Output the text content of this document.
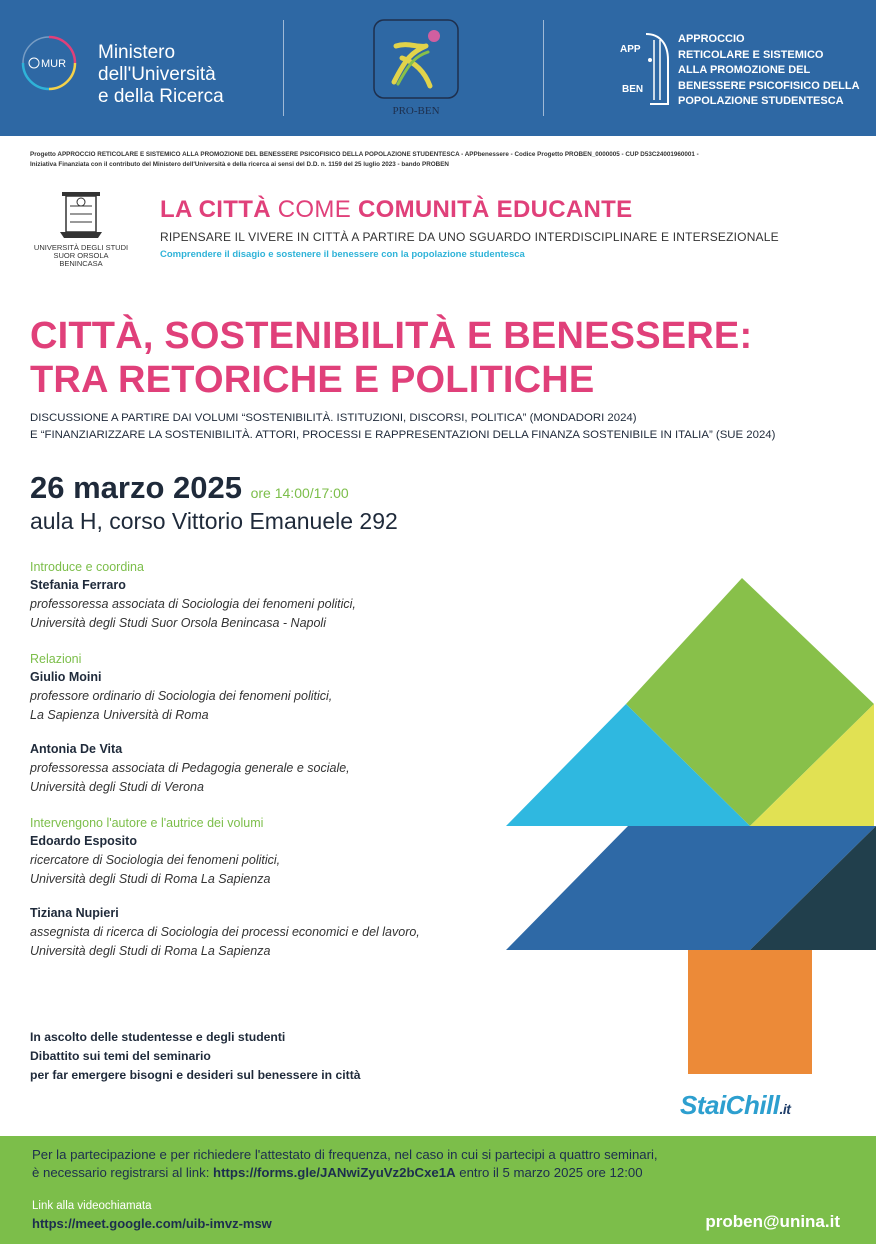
MUR
Ministero
dell'Università
e della Ricerca
PRO-BEN
APP
BEN
APPROCCIO
RETICOLARE E SISTEMICO
ALLA PROMOZIONE DEL
BENESSERE PSICOFISICO DELLA
POPOLAZIONE STUDENTESCA
Progetto APPROCCIO RETICOLARE E SISTEMICO ALLA PROMOZIONE DEL BENESSERE PSICOFISICO DELLA POPOLAZIONE STUDENTESCA - APPbenessere - Codice Progetto PROBEN_0000005 - CUP D53C24001960001 -
Iniziativa Finanziata con il contributo del Ministero dell'Università e della ricerca ai sensi del D.D. n. 1159 del 25 luglio 2023 - bando PROBEN
UNIVERSITÀ DEGLI STUDI
SUOR ORSOLA
BENINCASA
LA CITTÀ COME COMUNITÀ EDUCANTE
RIPENSARE IL VIVERE IN CITTÀ A PARTIRE DA UNO SGUARDO INTERDISCIPLINARE E INTERSEZIONALE
Comprendere il disagio e sostenere il benessere con la popolazione studentesca
CITTÀ, SOSTENIBILITÀ E BENESSERE:
TRA RETORICHE E POLITICHE
DISCUSSIONE A PARTIRE DAI VOLUMI “SOSTENIBILITÀ. ISTITUZIONI, DISCORSI, POLITICA” (MONDADORI 2024)
E “FINANZIARIZZARE LA SOSTENIBILITÀ. ATTORI, PROCESSI E RAPPRESENTAZIONI DELLA FINANZA SOSTENIBILE IN ITALIA” (SUE 2024)
26 marzo 2025 ore 14:00/17:00
aula H, corso Vittorio Emanuele 292
Introduce e coordina
Stefania Ferraro
professoressa associata di Sociologia dei fenomeni politici,
Università degli Studi Suor Orsola Benincasa - Napoli
Relazioni
Giulio Moini
professore ordinario di Sociologia dei fenomeni politici,
La Sapienza Università di Roma
Antonia De Vita
professoressa associata di Pedagogia generale e sociale,
Università degli Studi di Verona
Intervengono l'autore e l'autrice dei volumi
Edoardo Esposito
ricercatore di Sociologia dei fenomeni politici,
Università degli Studi di Roma La Sapienza
Tiziana Nupieri
assegnista di ricerca di Sociologia dei processi economici e del lavoro,
Università degli Studi di Roma La Sapienza
In ascolto delle studentesse e degli studenti
Dibattito sui temi del seminario
per far emergere bisogni e desideri sul benessere in città
StaiChill.it
Per la partecipazione e per richiedere l'attestato di frequenza, nel caso in cui si partecipi a quattro seminari,
è necessario registrarsi al link: https://forms.gle/JANwiZyuVz2bCxe1A entro il 5 marzo 2025 ore 12:00
Link alla videochiamata
https://meet.google.com/uib-imvz-msw	proben@unina.it
